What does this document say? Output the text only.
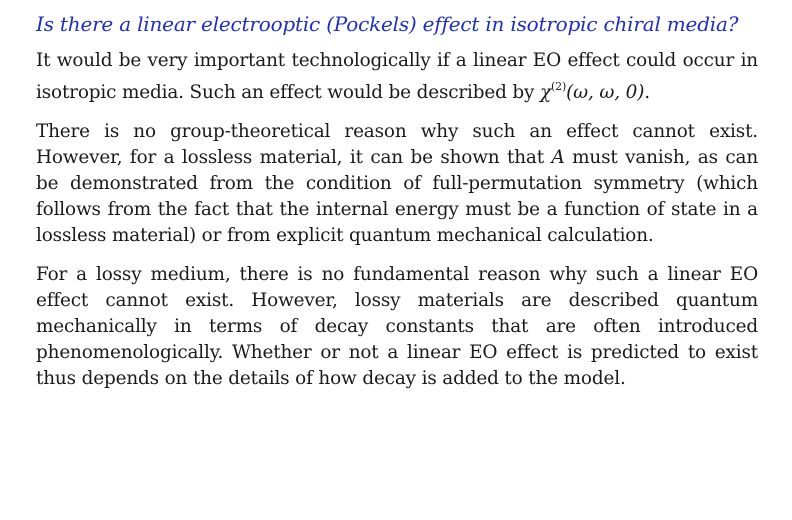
Is there a linear electrooptic (Pockels) effect in isotropic chiral media?

It would be very important technologically if a linear EO effect could occur in isotropic media. Such an effect would be described by $\chi^{(2)}(\omega$, ω, 0).

There is no group-theoretical reason why such an effect cannot exist. However, for a lossless material, it can be shown that A must vanish, as can be demonstrated from the condition of full-permutation symmetry (which follows from the fact that the internal energy must be a function of state in a lossless material) or from explicit quantum mechanical calculation.

For a lossy medium, there is no fundamental reason why such a linear EO effect cannot exist. However, lossy materials are described quantum mechanically in terms of decay constants that are often introduced phenomenologically. Whether or not a linear EO effect is predicted to exist thus depends on the details of how decay is added to the model.
